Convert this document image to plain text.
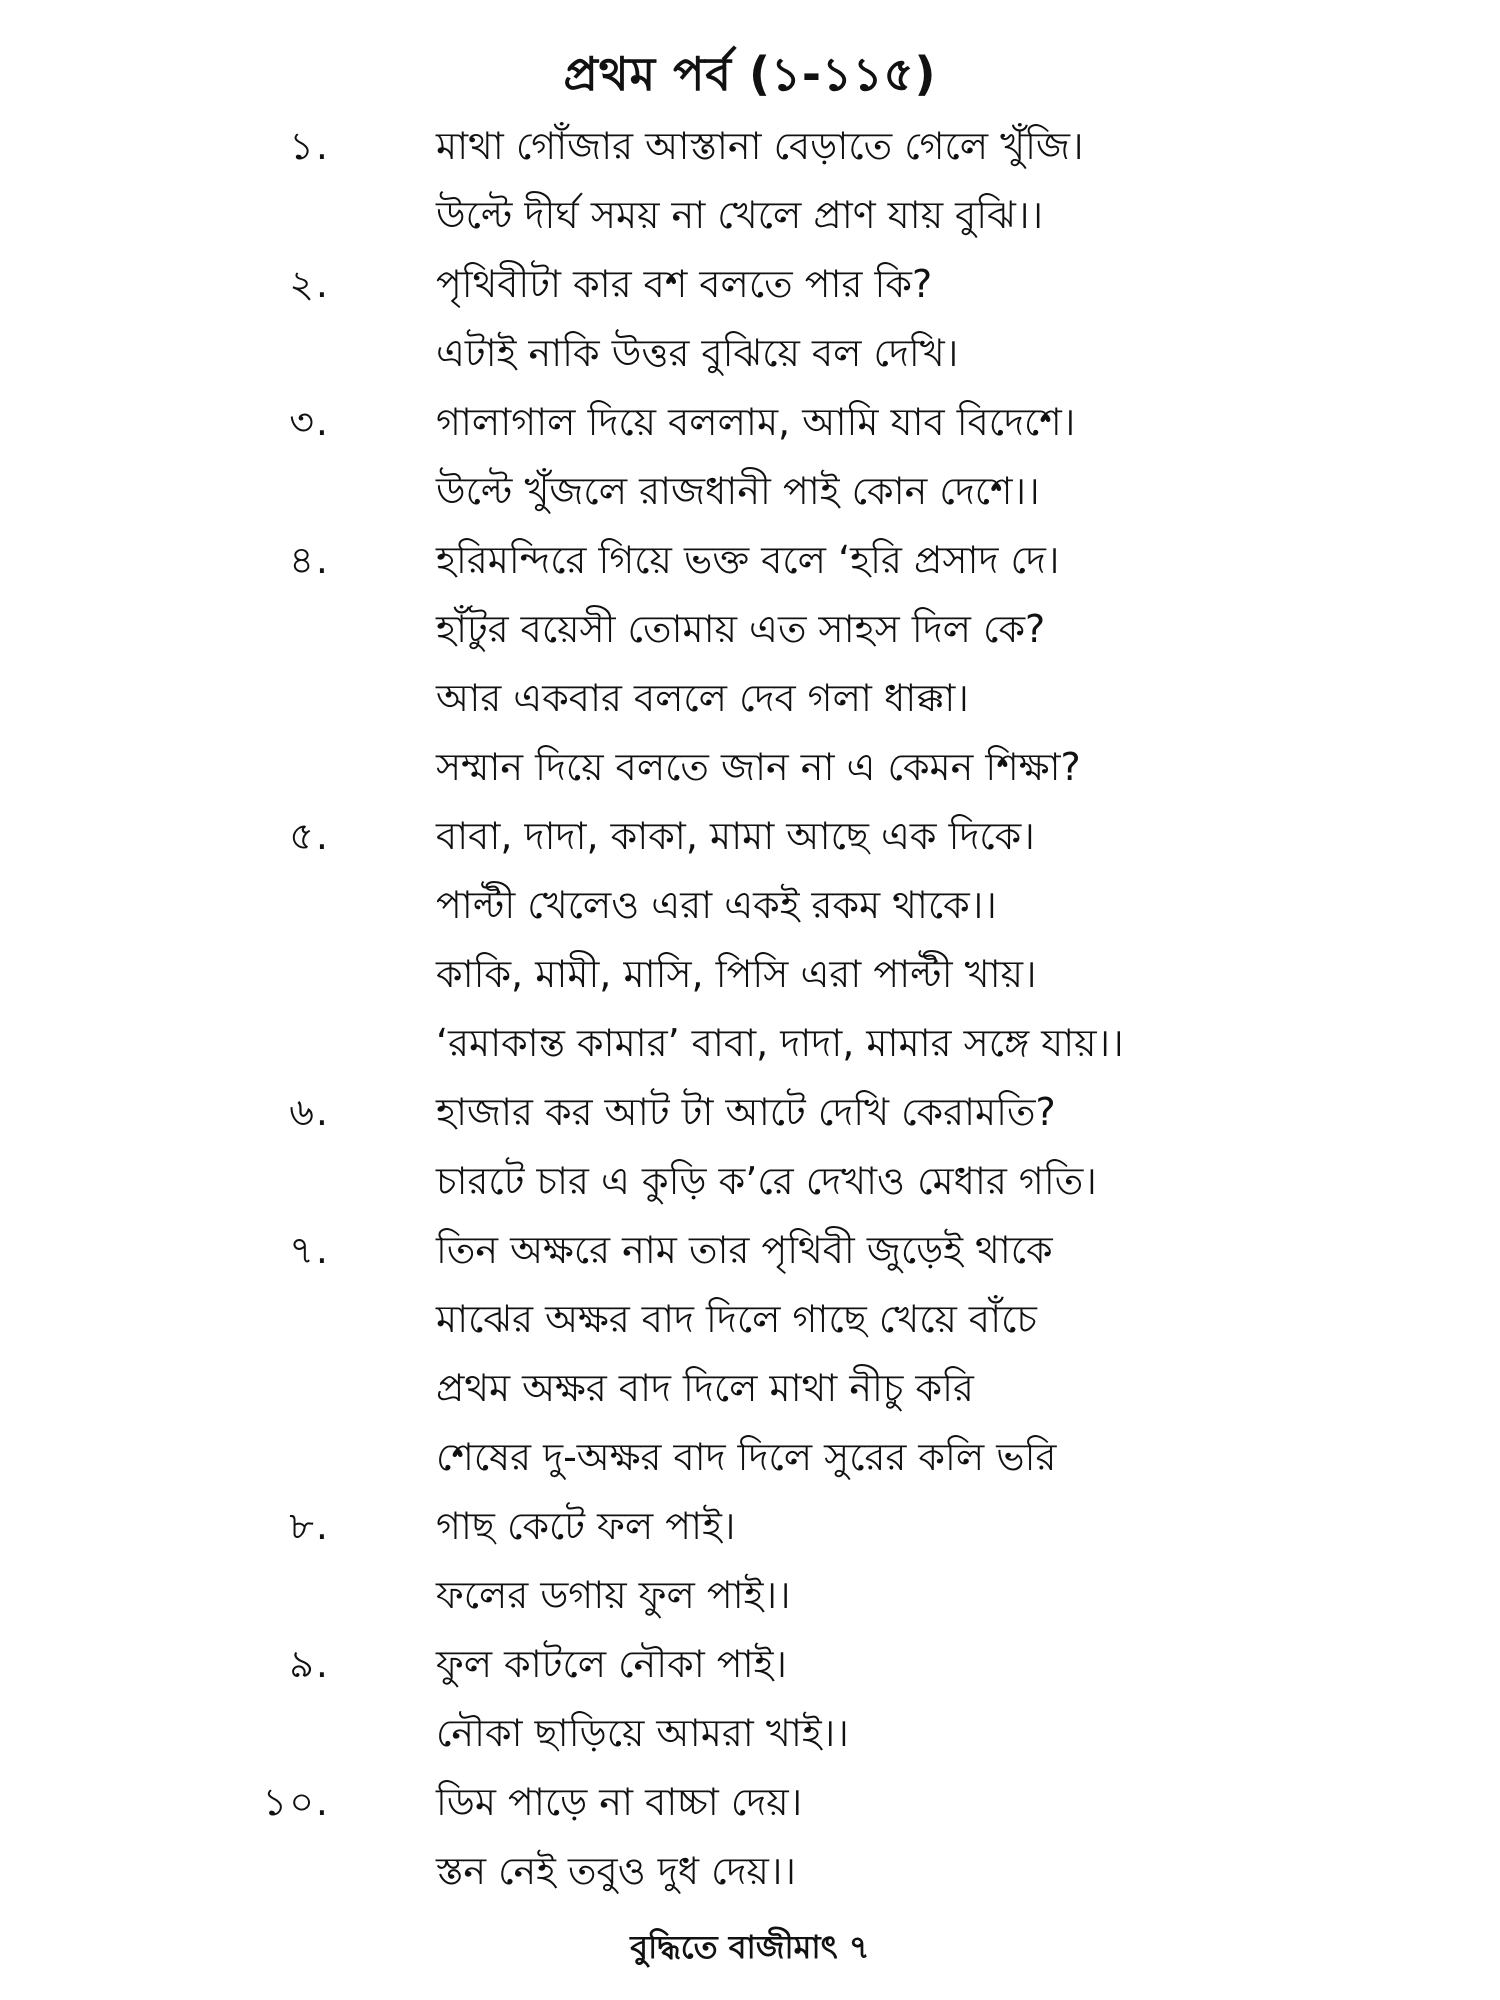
প্রথম পর্ব (১-১১৫)
১.	মাথা গোঁজার আস্তানা বেড়াতে গেলে খুঁজি।
উল্টে দীর্ঘ সময় না খেলে প্রাণ যায় বুঝি।।
২.	পৃথিবীটা কার বশ বলতে পার কি?
এটাই নাকি উত্তর বুঝিয়ে বল দেখি।
৩.	গালাগাল দিয়ে বললাম, আমি যাব বিদেশে।
উল্টে খুঁজলে রাজধানী পাই কোন দেশে।।
৪.	হরিমন্দিরে গিয়ে ভক্ত বলে ‘হরি প্রসাদ দে।
হাঁটুর বয়েসী তোমায় এত সাহস দিল কে?
আর একবার বললে দেব গলা ধাক্কা।
সম্মান দিয়ে বলতে জান না এ কেমন শিক্ষা?
৫.	বাবা, দাদা, কাকা, মামা আছে এক দিকে।
পাল্টী খেলেও এরা একই রকম থাকে।।
কাকি, মামী, মাসি, পিসি এরা পাল্টী খায়।
‘রমাকান্ত কামার’ বাবা, দাদা, মামার সঙ্গে যায়।।
৬.	হাজার কর আট টা আটে দেখি কেরামতি?
চারটে চার এ কুড়ি ক’রে দেখাও মেধার গতি।
৭.	তিন অক্ষরে নাম তার পৃথিবী জুড়েই থাকে
মাঝের অক্ষর বাদ দিলে গাছে খেয়ে বাঁচে
প্রথম অক্ষর বাদ দিলে মাথা নীচু করি
শেষের দু-অক্ষর বাদ দিলে সুরের কলি ভরি
৮.	গাছ কেটে ফল পাই।
ফলের ডগায় ফুল পাই।।
৯.	ফুল কাটলে নৌকা পাই।
নৌকা ছাড়িয়ে আমরা খাই।।
১০.	ডিম পাড়ে না বাচ্চা দেয়।
স্তন নেই তবুও দুধ দেয়।।
বুদ্ধিতে বাজীমাৎ ৭
